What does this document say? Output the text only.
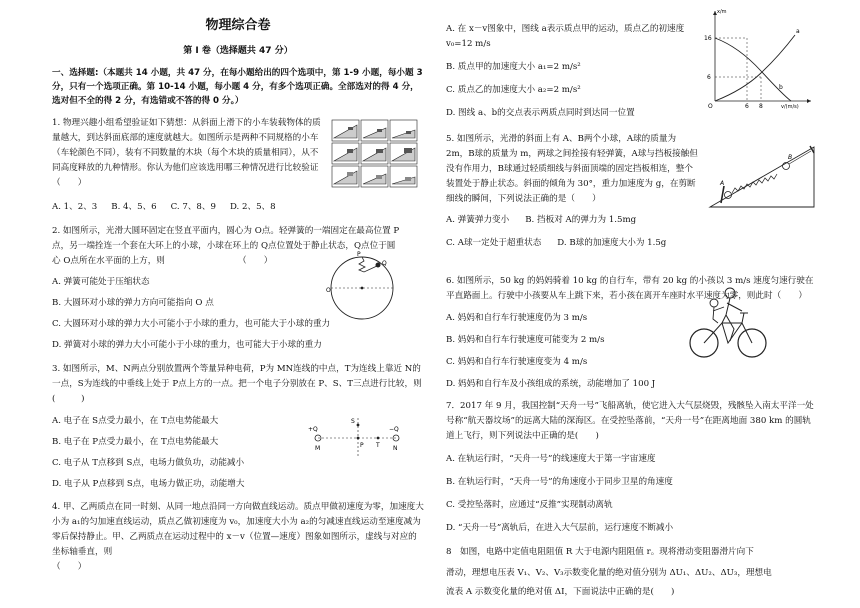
物理综合卷
第 I 卷（选择题共 47 分）
一、选择题:（本题共 14 小题，共 47 分，在每小题给出的四个选项中，第 1-9 小题，每小题 3 分，只有一个选项正确。第 10-14 小题，每小题 4 分，有多个选项正确。全部选对的得 4 分，选对但不全的得 2 分，有选错或不答的得 0 分。）
1. 物理兴趣小组希望验证如下猜想：从斜面上滑下的小车装载物体的质量越大，到达斜面底部的速度就越大。如图所示是两种不同规格的小车（车轮颜色不同），装有不同数量的木块（每个木块的质量相同），从不同高度释放的九种情形。你认为他们应该选用哪三种情况进行比较验证（　　）
A. 1、2、3 B. 4、5、6 C. 7、8、9 D. 2、5、8
2. 如图所示，光滑大圆环固定在竖直平面内，圆心为 O点。轻弹簧的一端固定在最高位置 P点，另一端拴连一个套在大环上的小球，小球在环上的 Q点位置处于静止状态，Q点位于圆心 O点所在水平面的上方，则　　　　　　　　　（　　）
A. 弹簧可能处于压缩状态
B. 大圆环对小球的弹力方向可能指向 O 点
C. 大圆环对小球的弹力大小可能小于小球的重力，也可能大于小球的重力
D. 弹簧对小球的弹力大小可能小于小球的重力，也可能大于小球的重力
3. 如图所示，M、N两点分别放置两个等量异种电荷，P为 MN连线的中点，T为连线上靠近 N的一点，S为连线的中垂线上处于 P点上方的一点。把一个电子分别放在 P、S、T三点进行比较，则(　　　)
A. 电子在 S点受力最小，在 T点电势能最大
B. 电子在 P点受力最小，在 T点电势能最大
C. 电子从 T点移到 S点，电场力做负功，动能减小
D. 电子从 P点移到 S点，电场力做正功，动能增大
4. 甲、乙两质点在同一时刻、从同一地点沿同一方向做直线运动。质点甲做初速度为零，加速度大小为 a₁的匀加速直线运动，质点乙做初速度为 v₀，加速度大小为 a₂的匀减速直线运动至速度减为零后保持静止。甲、乙两质点在运动过程中的 x－v（位置—速度）图象如图所示，虚线与对应的坐标轴垂直，则
（　　）
P
Q
O
+Q	−Q
M	N
P T
S
A. 在 x－v图象中，图线 a表示质点甲的运动，质点乙的初速度 v₀=12 m/s
B. 质点甲的加速度大小 a₁=2 m/s²
C. 质点乙的加速度大小 a₂=2 m/s²
D. 图线 a、b的交点表示两质点同时到达同一位置
5. 如图所示，光滑的斜面上有 A、B两个小球，A球的质量为 2m，B球的质量为 m，两球之间拴接有轻弹簧，A球与挡板接触但没有作用力，B球通过轻质细线与斜面顶端的固定挡板相连，整个装置处于静止状态。斜面的倾角为 30°，重力加速度为 g，在剪断细线的瞬间，下列说法正确的是（　　）
A. 弹簧弹力变小 B. 挡板对 A的弹力为 1.5mg
C. A球一定处于超重状态 D. B球的加速度大小为 1.5g
6. 如图所示，50 kg 的妈妈骑着 10 kg 的自行车，带有 20 kg 的小孩以 3 m/s 速度匀速行驶在平直路面上。行驶中小孩要从车上跳下来，若小孩在离开车座时水平速度为零，则此时（　　）
A. 妈妈和自行车行驶速度仍为 3 m/s
B. 妈妈和自行车行驶速度可能变为 2 m/s
C. 妈妈和自行车行驶速度变为 4 m/s
D. 妈妈和自行车及小孩组成的系统，动能增加了 100 J
7．2017 年 9 月，我国控制“天舟一号”飞船离轨，使它进入大气层烧毁，残骸坠入南太平洋一处号称“航天器坟场”的远离大陆的深海区。在受控坠落前，“天舟一号”在距离地面 380 km 的圆轨道上飞行，则下列说法中正确的是(　　)
A. 在轨运行时，“天舟一号”的线速度大于第一宇宙速度
B. 在轨运行时，“天舟一号”的角速度小于同步卫星的角速度
C. 受控坠落时，应通过“反推”实现制动离轨
D. “天舟一号”离轨后，在进入大气层前，运行速度不断减小
8　如图，电路中定值电阻阻值 R 大于电源内阻阻值 r。现将滑动变阻器滑片向下
滑动，理想电压表 V₁、V₂、V₃示数变化量的绝对值分别为 ΔU₁、ΔU₂、ΔU₃，理想电
流表 A 示数变化量的绝对值 ΔI，下面说法中正确的是(　　)
16
6
6 8
a
b
v/(m/s)
x/m
O
A
B
